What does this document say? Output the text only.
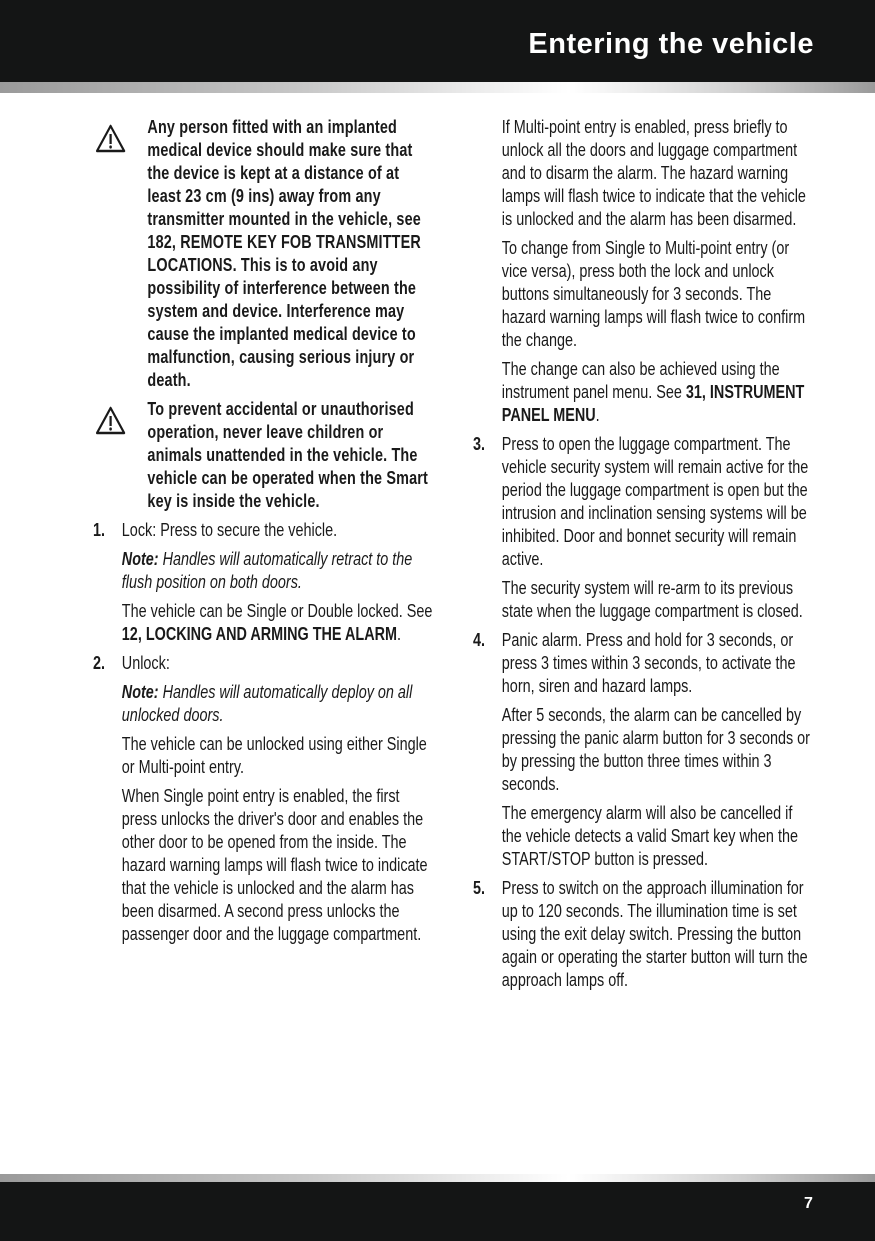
Entering the vehicle
Any person fitted with an implanted medical device should make sure that the device is kept at a distance of at least 23 cm (9 ins) away from any transmitter mounted in the vehicle, see 182, REMOTE KEY FOB TRANSMITTER LOCATIONS. This is to avoid any possibility of interference between the system and device. Interference may cause the implanted medical device to malfunction, causing serious injury or death.
To prevent accidental or unauthorised operation, never leave children or animals unattended in the vehicle. The vehicle can be operated when the Smart key is inside the vehicle.
1. Lock: Press to secure the vehicle.

Note: Handles will automatically retract to the flush position on both doors.

The vehicle can be Single or Double locked. See 12, LOCKING AND ARMING THE ALARM.

2. Unlock:

Note: Handles will automatically deploy on all unlocked doors.

The vehicle can be unlocked using either Single or Multi-point entry.

When Single point entry is enabled, the first press unlocks the driver's door and enables the other door to be opened from the inside. The hazard warning lamps will flash twice to indicate that the vehicle is unlocked and the alarm has been disarmed. A second press unlocks the passenger door and the luggage compartment.

If Multi-point entry is enabled, press briefly to unlock all the doors and luggage compartment and to disarm the alarm. The hazard warning lamps will flash twice to indicate that the vehicle is unlocked and the alarm has been disarmed.

To change from Single to Multi-point entry (or vice versa), press both the lock and unlock buttons simultaneously for 3 seconds. The hazard warning lamps will flash twice to confirm the change.

The change can also be achieved using the instrument panel menu. See 31, INSTRUMENT PANEL MENU.

3. Press to open the luggage compartment. The vehicle security system will remain active for the period the luggage compartment is open but the intrusion and inclination sensing systems will be inhibited. Door and bonnet security will remain active.

The security system will re-arm to its previous state when the luggage compartment is closed.

4. Panic alarm. Press and hold for 3 seconds, or press 3 times within 3 seconds, to activate the horn, siren and hazard lamps.

After 5 seconds, the alarm can be cancelled by pressing the panic alarm button for 3 seconds or by pressing the button three times within 3 seconds.

The emergency alarm will also be cancelled if the vehicle detects a valid Smart key when the START/STOP button is pressed.

5. Press to switch on the approach illumination for up to 120 seconds. The illumination time is set using the exit delay switch. Pressing the button again or operating the starter button will turn the approach lamps off.

7
